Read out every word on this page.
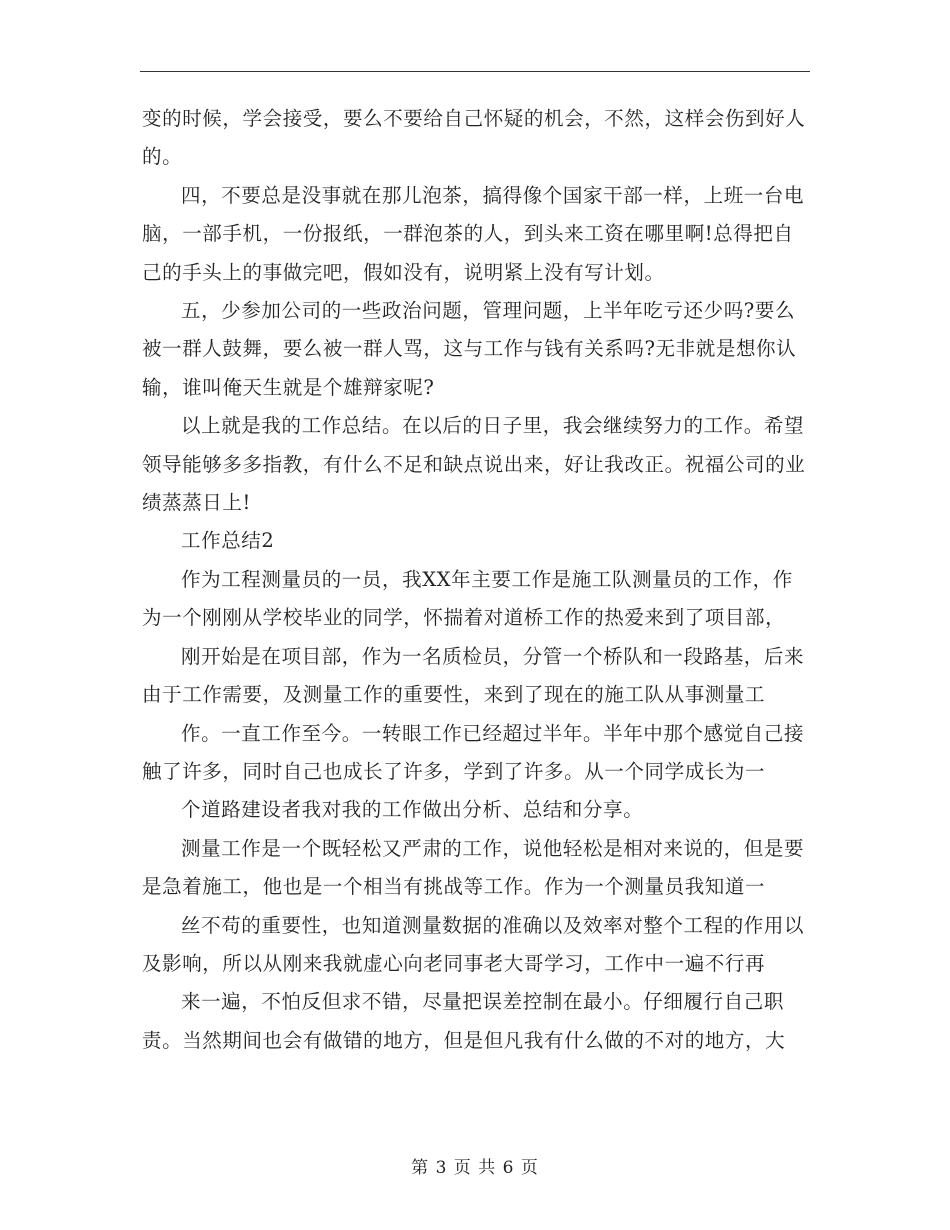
变的时候，学会接受，要么不要给自己怀疑的机会，不然，这样会伤到好人的。

四，不要总是没事就在那儿泡茶，搞得像个国家干部一样，上班一台电脑，一部手机，一份报纸，一群泡茶的人，到头来工资在哪里啊!总得把自己的手头上的事做完吧，假如没有，说明紧上没有写计划。

五，少参加公司的一些政治问题，管理问题，上半年吃亏还少吗?要么被一群人鼓舞，要么被一群人骂，这与工作与钱有关系吗?无非就是想你认输，谁叫俺天生就是个雄辩家呢?

以上就是我的工作总结。在以后的日子里，我会继续努力的工作。希望领导能够多多指教，有什么不足和缺点说出来，好让我改正。祝福公司的业绩蒸蒸日上!

工作总结2

作为工程测量员的一员，我XX年主要工作是施工队测量员的工作，作为一个刚刚从学校毕业的同学，怀揣着对道桥工作的热爱来到了项目部，

刚开始是在项目部，作为一名质检员，分管一个桥队和一段路基，后来由于工作需要，及测量工作的重要性，来到了现在的施工队从事测量工

作。一直工作至今。一转眼工作已经超过半年。半年中那个感觉自己接触了许多，同时自己也成长了许多，学到了许多。从一个同学成长为一

个道路建设者我对我的工作做出分析、总结和分享。

测量工作是一个既轻松又严肃的工作，说他轻松是相对来说的，但是要是急着施工，他也是一个相当有挑战等工作。作为一个测量员我知道一

丝不苟的重要性，也知道测量数据的准确以及效率对整个工程的作用以及影响，所以从刚来我就虚心向老同事老大哥学习，工作中一遍不行再

来一遍，不怕反但求不错，尽量把误差控制在最小。仔细履行自己职责。当然期间也会有做错的地方，但是但凡我有什么做的不对的地方，大

第 3 页 共 6 页
